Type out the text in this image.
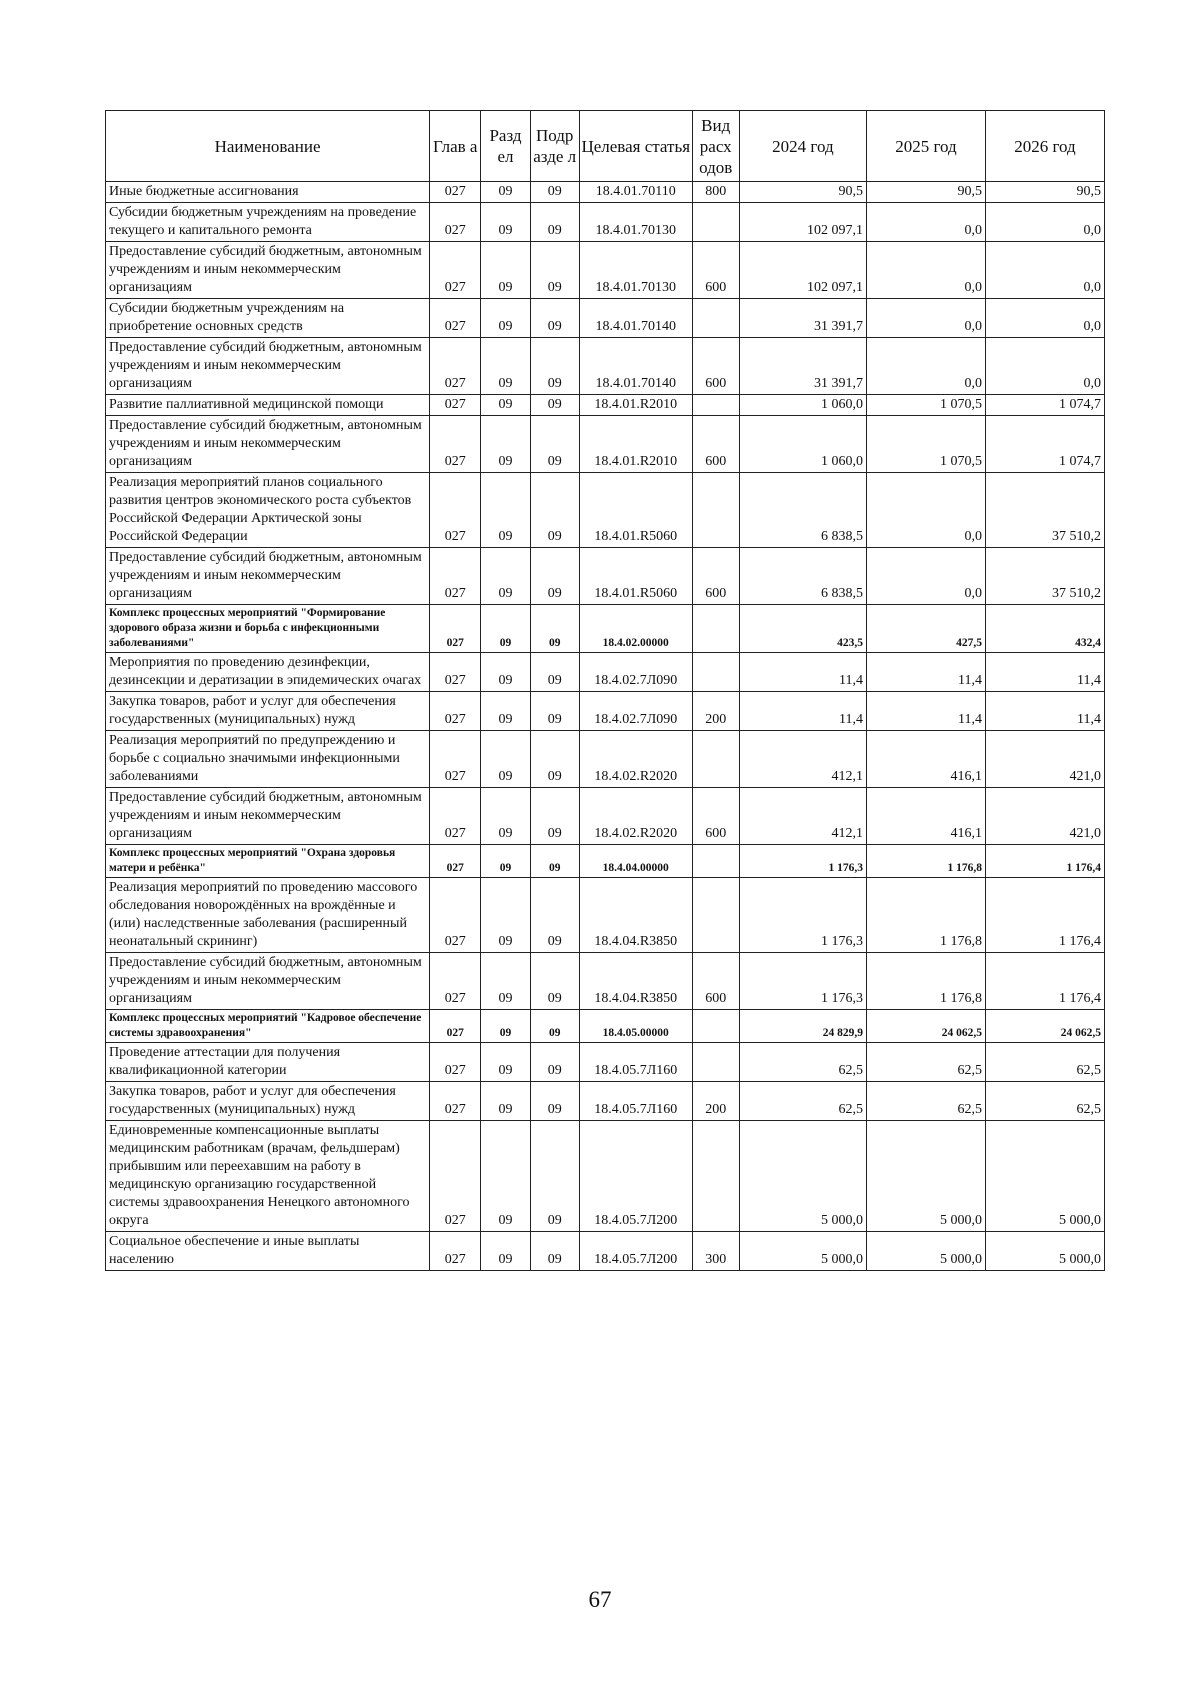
Наименование	Глав а	Разд ел	Подр азде л	Целевая статья	Вид расх одов	2024 год	2025 год	2026 год
Иные бюджетные ассигнования	027	09	09	18.4.01.70110	800	90,5	90,5	90,5
Субсидии бюджетным учреждениям на проведение текущего и капитального ремонта	027	09	09	18.4.01.70130		102 097,1	0,0	0,0
Предоставление субсидий бюджетным, автономным учреждениям и иным некоммерческим организациям	027	09	09	18.4.01.70130	600	102 097,1	0,0	0,0
Субсидии бюджетным учреждениям на приобретение основных средств	027	09	09	18.4.01.70140		31 391,7	0,0	0,0
Предоставление субсидий бюджетным, автономным учреждениям и иным некоммерческим организациям	027	09	09	18.4.01.70140	600	31 391,7	0,0	0,0
Развитие паллиативной медицинской помощи	027	09	09	18.4.01.R2010		1 060,0	1 070,5	1 074,7
Предоставление субсидий бюджетным, автономным учреждениям и иным некоммерческим организациям	027	09	09	18.4.01.R2010	600	1 060,0	1 070,5	1 074,7
Реализация мероприятий планов социального развития центров экономического роста субъектов Российской Федерации Арктической зоны Российской Федерации	027	09	09	18.4.01.R5060		6 838,5	0,0	37 510,2
Предоставление субсидий бюджетным, автономным учреждениям и иным некоммерческим организациям	027	09	09	18.4.01.R5060	600	6 838,5	0,0	37 510,2
Комплекс процессных мероприятий "Формирование здорового образа жизни и борьба с инфекционными заболеваниями"	027	09	09	18.4.02.00000		423,5	427,5	432,4
Мероприятия по проведению дезинфекции, дезинсекции и дератизации в эпидемических очагах	027	09	09	18.4.02.7Л090		11,4	11,4	11,4
Закупка товаров, работ и услуг для обеспечения государственных (муниципальных) нужд	027	09	09	18.4.02.7Л090	200	11,4	11,4	11,4
Реализация мероприятий по предупреждению и борьбе с социально значимыми инфекционными заболеваниями	027	09	09	18.4.02.R2020		412,1	416,1	421,0
Предоставление субсидий бюджетным, автономным учреждениям и иным некоммерческим организациям	027	09	09	18.4.02.R2020	600	412,1	416,1	421,0
Комплекс процессных мероприятий "Охрана здоровья матери и ребёнка"	027	09	09	18.4.04.00000		1 176,3	1 176,8	1 176,4
Реализация мероприятий по проведению массового обследования новорождённых на врождённые и (или) наследственные заболевания (расширенный неонатальный скрининг)	027	09	09	18.4.04.R3850		1 176,3	1 176,8	1 176,4
Предоставление субсидий бюджетным, автономным учреждениям и иным некоммерческим организациям	027	09	09	18.4.04.R3850	600	1 176,3	1 176,8	1 176,4
Комплекс процессных мероприятий "Кадровое обеспечение системы здравоохранения"	027	09	09	18.4.05.00000		24 829,9	24 062,5	24 062,5
Проведение аттестации для получения квалификационной категории	027	09	09	18.4.05.7Л160		62,5	62,5	62,5
Закупка товаров, работ и услуг для обеспечения государственных (муниципальных) нужд	027	09	09	18.4.05.7Л160	200	62,5	62,5	62,5
Единовременные компенсационные выплаты медицинским работникам (врачам, фельдшерам) прибывшим или переехавшим на работу в медицинскую организацию государственной системы здравоохранения Ненецкого автономного округа	027	09	09	18.4.05.7Л200		5 000,0	5 000,0	5 000,0
Социальное обеспечение и иные выплаты населению	027	09	09	18.4.05.7Л200	300	5 000,0	5 000,0	5 000,0
67
